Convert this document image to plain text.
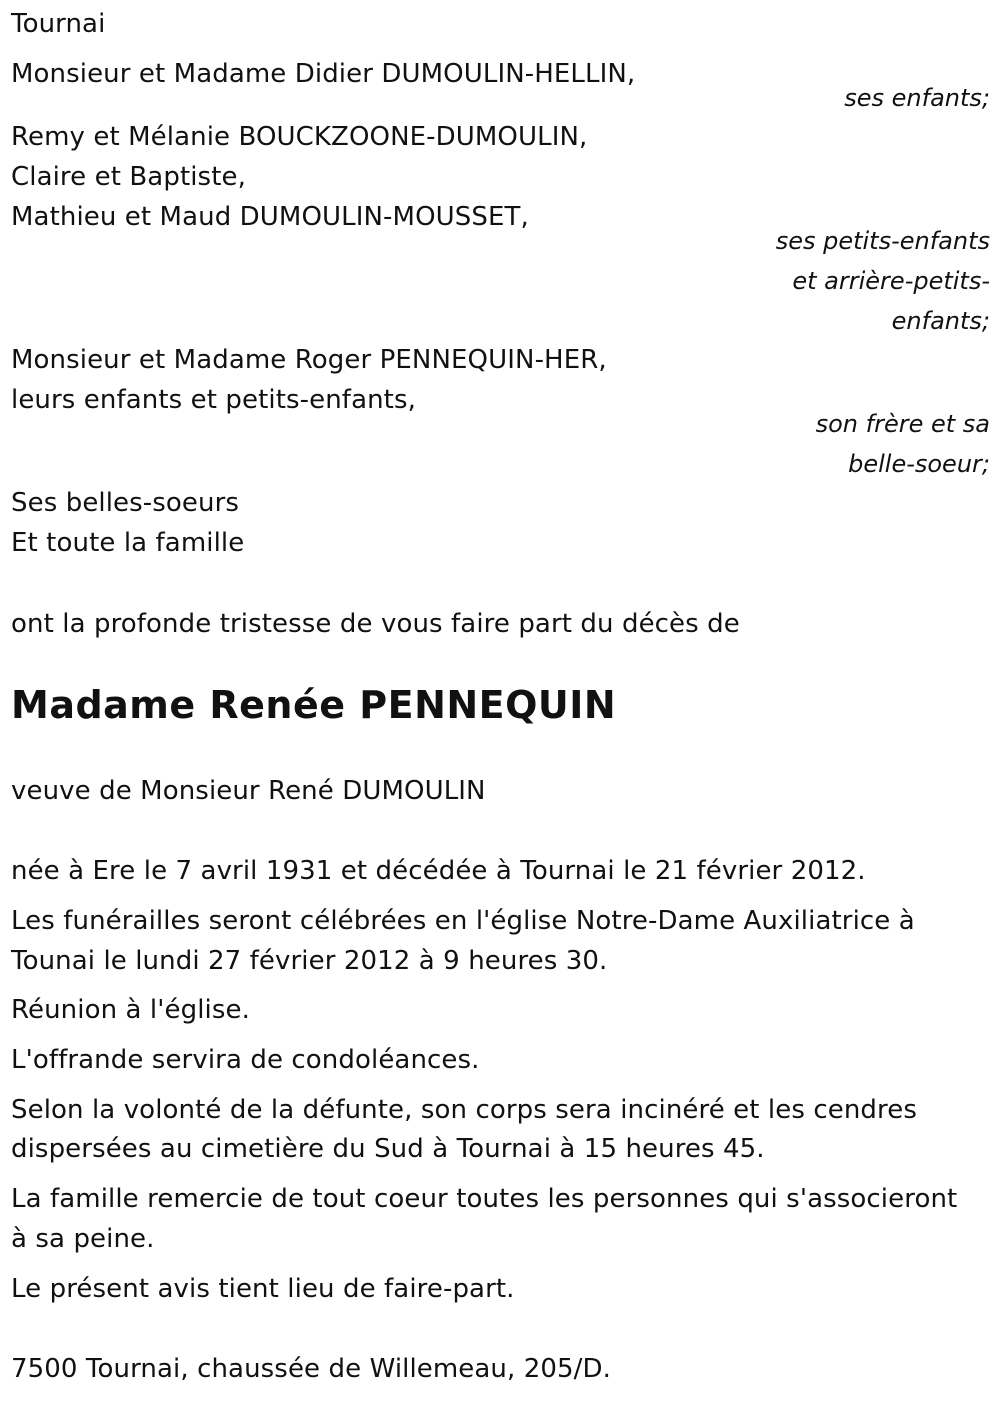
Tournai
Monsieur et Madame Didier DUMOULIN-HELLIN,
ses enfants;
Remy et Mélanie BOUCKZOONE-DUMOULIN,
Claire et Baptiste,
Mathieu et Maud DUMOULIN-MOUSSET,
ses petits-enfants
et arrière-petits-
enfants;
Monsieur et Madame Roger PENNEQUIN-HER,
leurs enfants et petits-enfants,
son frère et sa
belle-soeur;
Ses belles-soeurs
Et toute la famille
ont la profonde tristesse de vous faire part du décès de
Madame Renée PENNEQUIN
veuve de Monsieur René DUMOULIN
née à Ere le 7 avril 1931 et décédée à Tournai le 21 février 2012.
Les funérailles seront célébrées en l'église Notre-Dame Auxiliatrice à
Tounai le lundi 27 février 2012 à 9 heures 30.
Réunion à l'église.
L'offrande servira de condoléances.
Selon la volonté de la défunte, son corps sera incinéré et les cendres
dispersées au cimetière du Sud à Tournai à 15 heures 45.
La famille remercie de tout coeur toutes les personnes qui s'associeront
à sa peine.
Le présent avis tient lieu de faire-part.
7500 Tournai, chaussée de Willemeau, 205/D.
